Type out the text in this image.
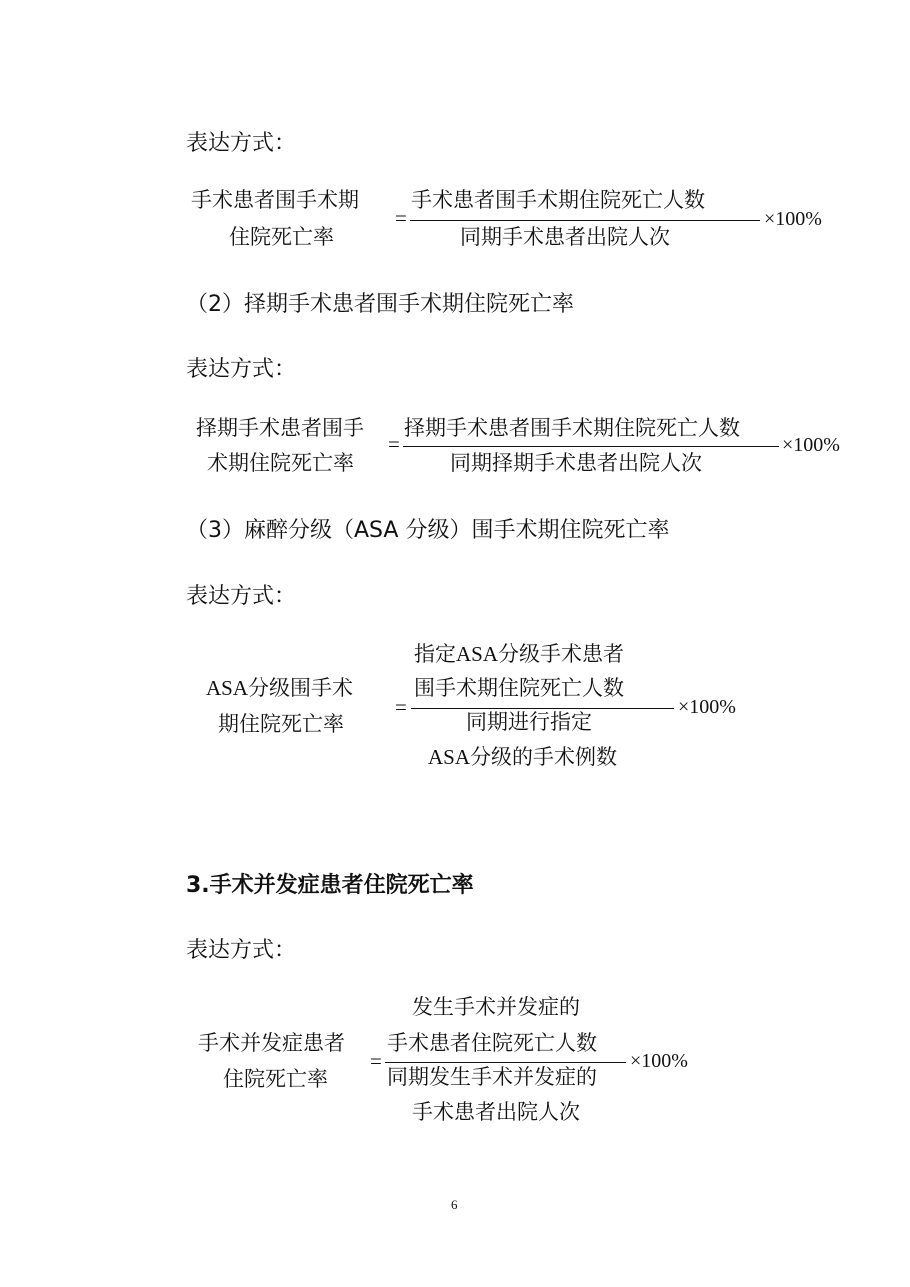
表达方式：
手术患者围手术期
住院死亡率
=
手术患者围手术期住院死亡人数
同期手术患者出院人次
×100%
（2）择期手术患者围手术期住院死亡率
表达方式：
择期手术患者围手
术期住院死亡率
=
择期手术患者围手术期住院死亡人数
同期择期手术患者出院人次
×100%
（3）麻醉分级（ASA 分级）围手术期住院死亡率
表达方式：
ASA分级围手术
期住院死亡率
=
指定ASA分级手术患者
围手术期住院死亡人数
同期进行指定
ASA分级的手术例数
×100%
3.手术并发症患者住院死亡率
表达方式：
手术并发症患者
住院死亡率
=
发生手术并发症的
手术患者住院死亡人数
同期发生手术并发症的
手术患者出院人次
×100%
6
